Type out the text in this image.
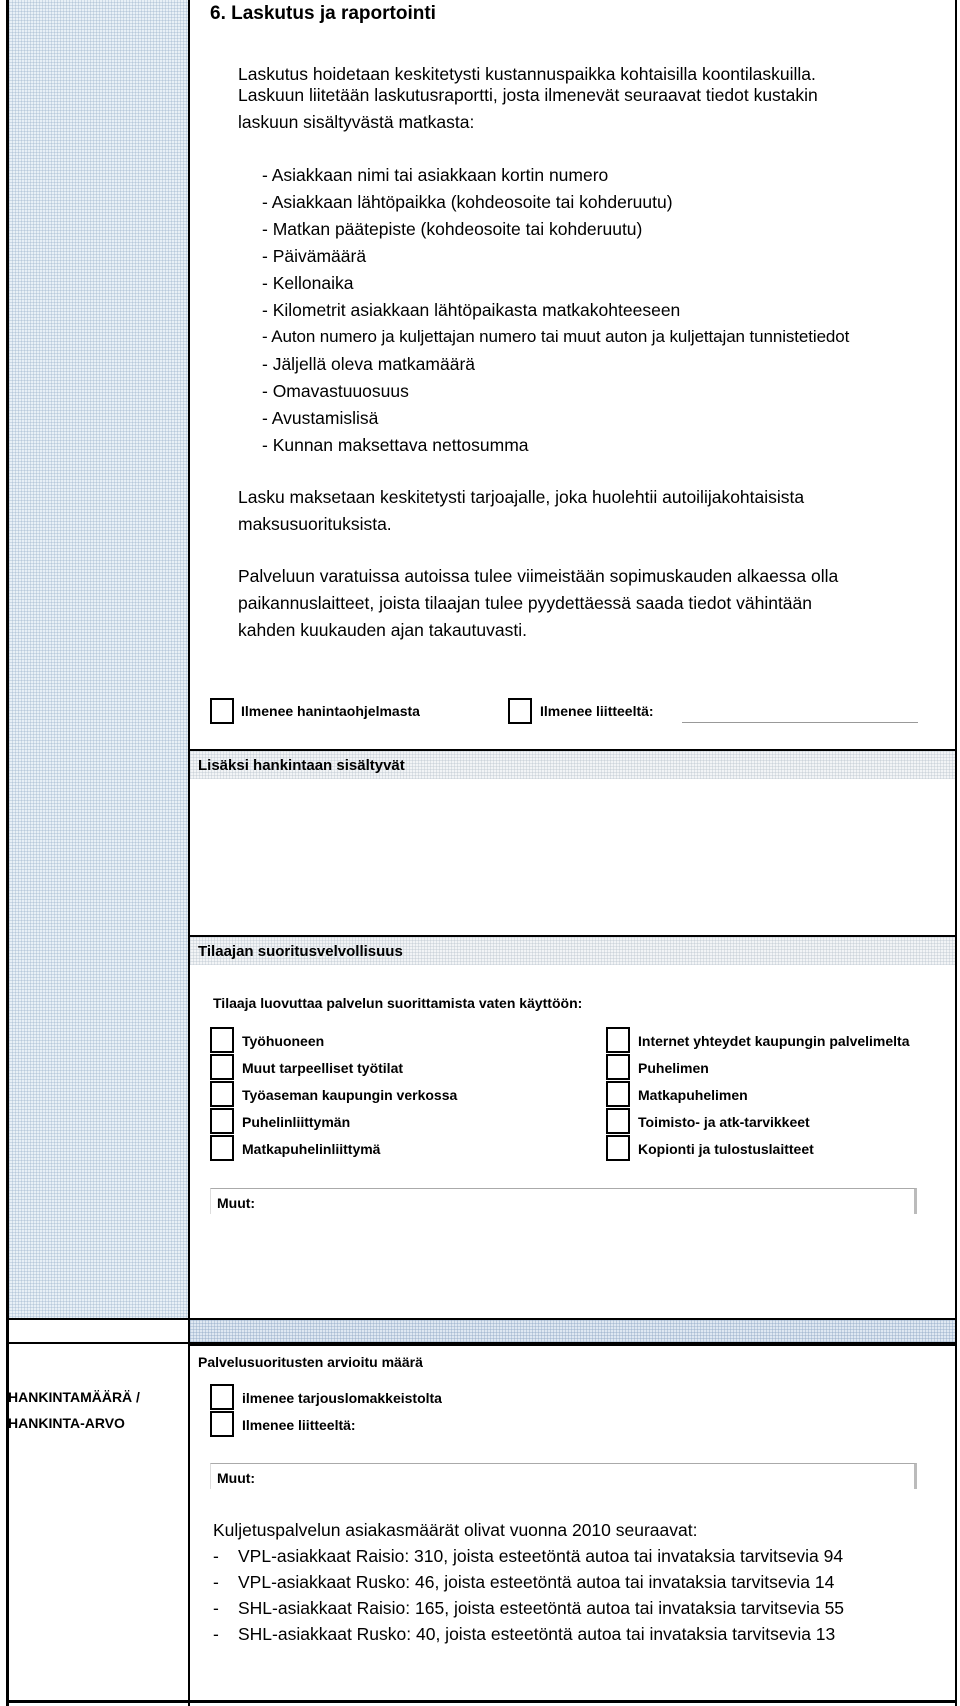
6. Laskutus ja raportointi
Laskutus hoidetaan keskitetysti kustannuspaikka kohtaisilla koontilaskuilla.
Laskuun liitetään laskutusraportti, josta ilmenevät seuraavat tiedot kustakin
laskuun sisältyvästä matkasta:
- Asiakkaan nimi tai asiakkaan kortin numero
- Asiakkaan lähtöpaikka (kohdeosoite tai kohderuutu)
- Matkan päätepiste (kohdeosoite tai kohderuutu)
- Päivämäärä
- Kellonaika
- Kilometrit asiakkaan lähtöpaikasta matkakohteeseen
- Auton numero ja kuljettajan numero tai muut auton ja kuljettajan tunnistetiedot
- Jäljellä oleva matkamäärä
- Omavastuuosuus
- Avustamislisä
- Kunnan maksettava nettosumma
Lasku maksetaan keskitetysti tarjoajalle, joka huolehtii autoilijakohtaisista
maksusuorituksista.
Palveluun varatuissa autoissa tulee viimeistään sopimuskauden alkaessa olla
paikannuslaitteet, joista tilaajan tulee pyydettäessä saada tiedot vähintään
kahden kuukauden ajan takautuvasti.
Ilmenee hanintaohjelmasta	Ilmenee liitteeltä:
Lisäksi hankintaan sisältyvät
Tilaajan suoritusvelvollisuus
Tilaaja luovuttaa palvelun suorittamista vaten käyttöön:
Työhuoneen
Muut tarpeelliset työtilat
Työaseman kaupungin verkossa
Puhelinliittymän
Matkapuhelinliittymä
Internet yhteydet kaupungin palvelimelta
Puhelimen
Matkapuhelimen
Toimisto- ja atk-tarvikkeet
Kopionti ja tulostuslaitteet
Muut:
Palvelusuoritusten arvioitu määrä
HANKINTAMÄÄRÄ /
HANKINTA-ARVO
ilmenee tarjouslomakkeistolta
Ilmenee liitteeltä:
Muut:
Kuljetuspalvelun asiakasmäärät olivat vuonna 2010 seuraavat:
- VPL-asiakkaat Raisio: 310, joista esteetöntä autoa tai invataksia tarvitsevia 94
- VPL-asiakkaat Rusko: 46, joista esteetöntä autoa tai invataksia tarvitsevia 14
- SHL-asiakkaat Raisio: 165, joista esteetöntä autoa tai invataksia tarvitsevia 55
- SHL-asiakkaat Rusko: 40, joista esteetöntä autoa tai invataksia tarvitsevia 13
